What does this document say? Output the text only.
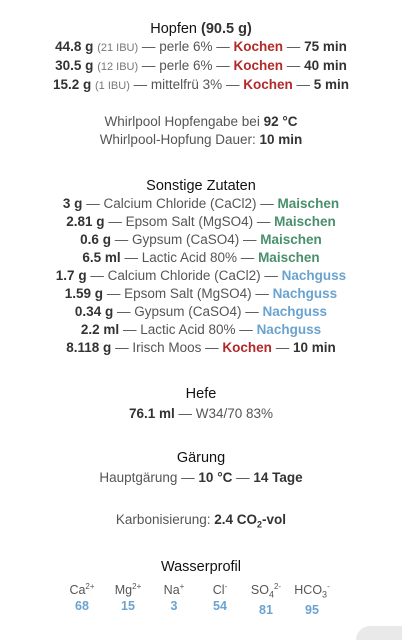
Hopfen (90.5 g)
44.8 g (21 IBU) — perle 6% — Kochen — 75 min
30.5 g (12 IBU) — perle 6% — Kochen — 40 min
15.2 g (1 IBU) — mittelfrü 3% — Kochen — 5 min
Whirlpool Hopfengabe bei 92 °C
Whirlpool-Hopfung Dauer: 10 min
Sonstige Zutaten
3 g — Calcium Chloride (CaCl2) — Maischen
2.81 g — Epsom Salt (MgSO4) — Maischen
0.6 g — Gypsum (CaSO4) — Maischen
6.5 ml — Lactic Acid 80% — Maischen
1.7 g — Calcium Chloride (CaCl2) — Nachguss
1.59 g — Epsom Salt (MgSO4) — Nachguss
0.34 g — Gypsum (CaSO4) — Nachguss
2.2 ml — Lactic Acid 80% — Nachguss
8.118 g — Irisch Moos — Kochen — 10 min
Hefe
76.1 ml — W34/70 83%
Gärung
Hauptgärung — 10 °C — 14 Tage
Karbonisierung: 2.4 $CO_2$-vol
Wasserprofil
$Ca^{2+}$
68
$Mg^{2+}$
15
Na+
3
Cl-
54
$SO_4^{2-}$
81
$HCO_3^-$
95
